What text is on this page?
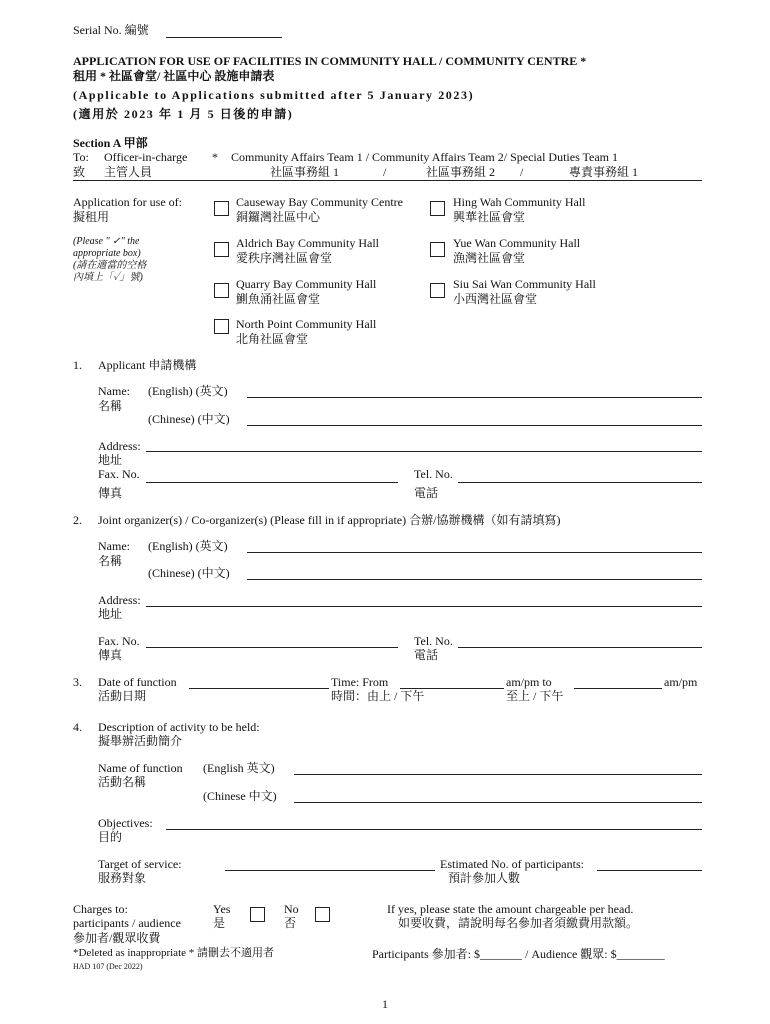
Serial No. 編號
APPLICATION FOR USE OF FACILITIES IN COMMUNITY HALL / COMMUNITY CENTRE *
租用 * 社區會堂/ 社區中心 設施申請表
(Applicable to Applications submitted after 5 January 2023)
(適用於 2023 年 1 月 5 日後的申請)
Section A 甲部
To:
致
Officer-in-charge
主管人員
* Community Affairs Team 1 / Community Affairs Team 2/ Special Duties Team 1
社區事務組 1	/	社區事務組 2 /	專責事務組 1
Application for use of:
擬租用
(Please " ✓" the
appropriate box)
(請在適當的空格
內填上「✓」號)
Causeway Bay Community Centre
銅鑼灣社區中心
Hing Wah Community Hall
興華社區會堂
Aldrich Bay Community Hall
愛秩序灣社區會堂
Yue Wan Community Hall
漁灣社區會堂
Quarry Bay Community Hall
鰂魚涌社區會堂
Siu Sai Wan Community Hall
小西灣社區會堂
North Point Community Hall
北角社區會堂
1. Applicant 申請機構
Name:
名稱
(English) (英文)
(Chinese) (中文)
Address:
地址
Fax. No.
傳真
Tel. No.
電話
2. Joint organizer(s) / Co-organizer(s) (Please fill in if appropriate) 合辦/協辦機構（如有請填寫)
Name:
名稱
(English) (英文)
(Chinese) (中文)
Address:
地址
Fax. No.
傳真
Tel. No.
電話
3. Date of function
活動日期
Time: From
時間：由上 / 下午
am/pm to
至上 / 下午
am/pm
4. Description of activity to be held:
擬舉辦活動簡介
Name of function
活動名稱
(English 英文)
(Chinese 中文)
Objectives:
目的
Target of service:
服務對象
Estimated No. of participants:
預計參加人數
Charges to:
participants / audience
參加者/觀眾收費
Yes
是
No
否
If yes, please state the amount chargeable per head.
如要收費，請說明每名參加者須繳費用款額。
Participants 參加者: $_______ / Audience 觀眾: $________
*Deleted as inappropriate * 請刪去不適用者
HAD 107 (Dec 2022)
1
